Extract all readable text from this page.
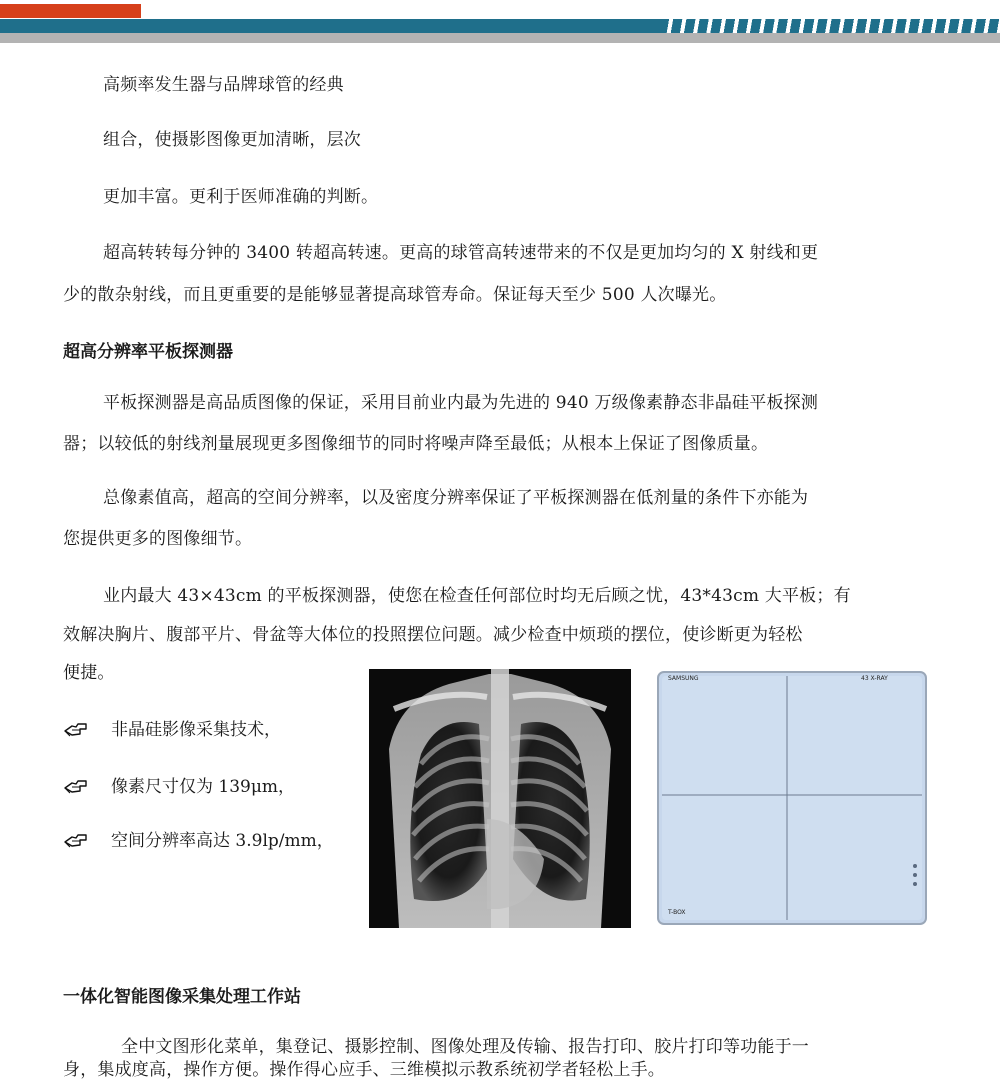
高频率发生器与品牌球管的经典

组合，使摄影图像更加清晰，层次

更加丰富。更利于医师准确的判断。

超高转转每分钟的 3400 转超高转速。更高的球管高转速带来的不仅是更加均匀的 X 射线和更

少的散杂射线，而且更重要的是能够显著提高球管寿命。保证每天至少 500 人次曝光。

超高分辨率平板探测器

平板探测器是高品质图像的保证，采用目前业内最为先进的 940 万级像素静态非晶硅平板探测

器；以较低的射线剂量展现更多图像细节的同时将噪声降至最低；从根本上保证了图像质量。

总像素值高，超高的空间分辨率，以及密度分辨率保证了平板探测器在低剂量的条件下亦能为

您提供更多的图像细节。

业内最大 43×43cm 的平板探测器，使您在检查任何部位时均无后顾之忧，43*43cm 大平板；有

效解决胸片、腹部平片、骨盆等大体位的投照摆位问题。减少检查中烦琐的摆位，使诊断更为轻松

便捷。

非晶硅影像采集技术，
像素尺寸仅为 139μm，
空间分辨率高达 3.9lp/mm，
SAMSUNG	43 X-RAY
T-BOX

一体化智能图像采集处理工作站

全中文图形化菜单，集登记、摄影控制、图像处理及传输、报告打印、胶片打印等功能于一

身，集成度高，操作方便。操作得心应手、三维模拟示教系统初学者轻松上手。
